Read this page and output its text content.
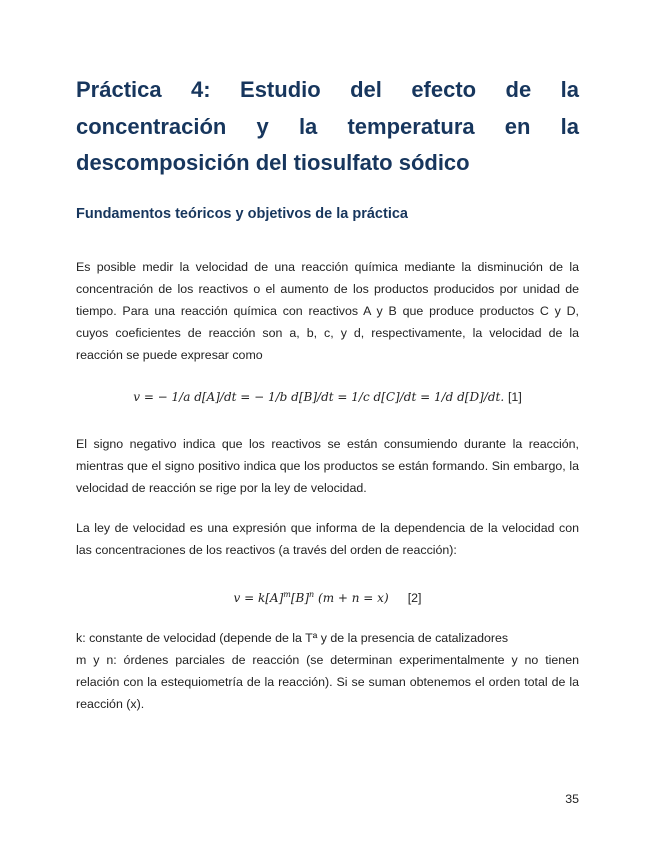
Práctica 4: Estudio del efecto de la concentración y la temperatura en la descomposición del tiosulfato sódico
Fundamentos teóricos y objetivos de la práctica

Es posible medir la velocidad de una reacción química mediante la disminución de la concentración de los reactivos o el aumento de los productos producidos por unidad de tiempo. Para una reacción química con reactivos A y B que produce productos C y D, cuyos coeficientes de reacción son a, b, c, y d, respectivamente, la velocidad de la reacción se puede expresar como

v = − 1/a d[A]/dt = − 1/b d[B]/dt = 1/c d[C]/dt = 1/d d[D]/dt. [1]

El signo negativo indica que los reactivos se están consumiendo durante la reacción, mientras que el signo positivo indica que los productos se están formando. Sin embargo, la velocidad de reacción se rige por la ley de velocidad.

La ley de velocidad es una expresión que informa de la dependencia de la velocidad con las concentraciones de los reactivos (a través del orden de reacción):

$v = k[A]^m[B]^n$ (m + n = x) [2]
k: constante de velocidad (depende de la Tª y de la presencia de catalizadores
m y n: órdenes parciales de reacción (se determinan experimentalmente y no tienen relación con la estequiometría de la reacción). Si se suman obtenemos el orden total de la reacción (x).

35
